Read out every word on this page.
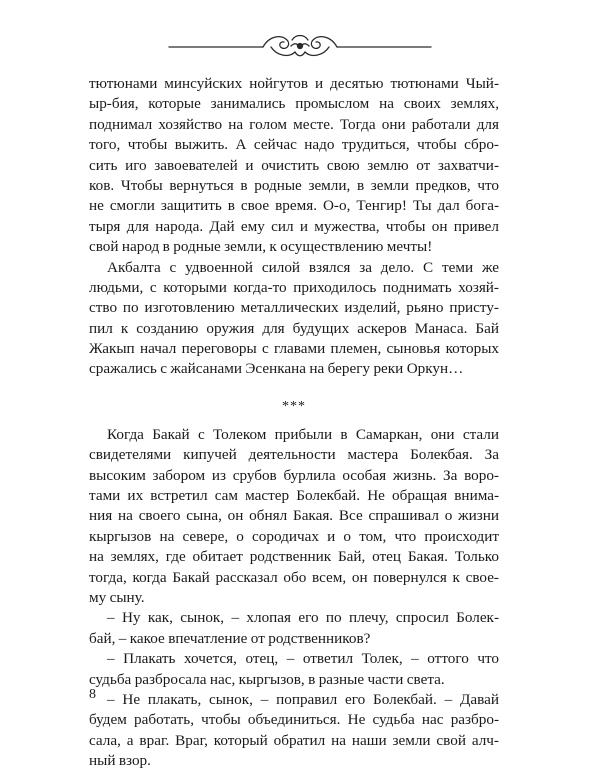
тютюнами минсуйских нойгутов и десятью тютюнами Чый-

ыр-бия, которые занимались промыслом на своих землях,

поднимал хозяйство на голом месте. Тогда они работали для

того, чтобы выжить. А сейчас надо трудиться, чтобы сбро-

сить иго завоевателей и очистить свою землю от захватчи-

ков. Чтобы вернуться в родные земли, в земли предков, что

не смогли защитить в свое время. О-о, Тенгир! Ты дал бога-

тыря для народа. Дай ему сил и мужества, чтобы он привел

свой народ в родные земли, к осуществлению мечты!

Акбалта с удвоенной силой взялся за дело. С теми же

людьми, с которыми когда-то приходилось поднимать хозяй-

ство по изготовлению металлических изделий, рьяно присту-

пил к созданию оружия для будущих аскеров Манаса. Бай

Жакып начал переговоры с главами племен, сыновья которых

сражались с жайсанами Эсенкана на берегу реки Оркун…

***

Когда Бакай с Толеком прибыли в Самаркан, они стали

свидетелями кипучей деятельности мастера Болекбая. За

высоким забором из срубов бурлила особая жизнь. За воро-

тами их встретил сам мастер Болекбай. Не обращая внима-

ния на своего сына, он обнял Бакая. Все спрашивал о жизни

кыргызов на севере, о сородичах и о том, что происходит

на землях, где обитает родственник Бай, отец Бакая. Только

тогда, когда Бакай рассказал обо всем, он повернулся к свое-

му сыну.

– Ну как, сынок, – хлопая его по плечу, спросил Болек-

бай, – какое впечатление от родственников?

– Плакать хочется, отец, – ответил Толек, – оттого что

судьба разбросала нас, кыргызов, в разные части света.

– Не плакать, сынок, – поправил его Болекбай. – Давай

будем работать, чтобы объединиться. Не судьба нас разбро-

сала, а враг. Враг, который обратил на наши земли свой алч-

ный взор.

8
